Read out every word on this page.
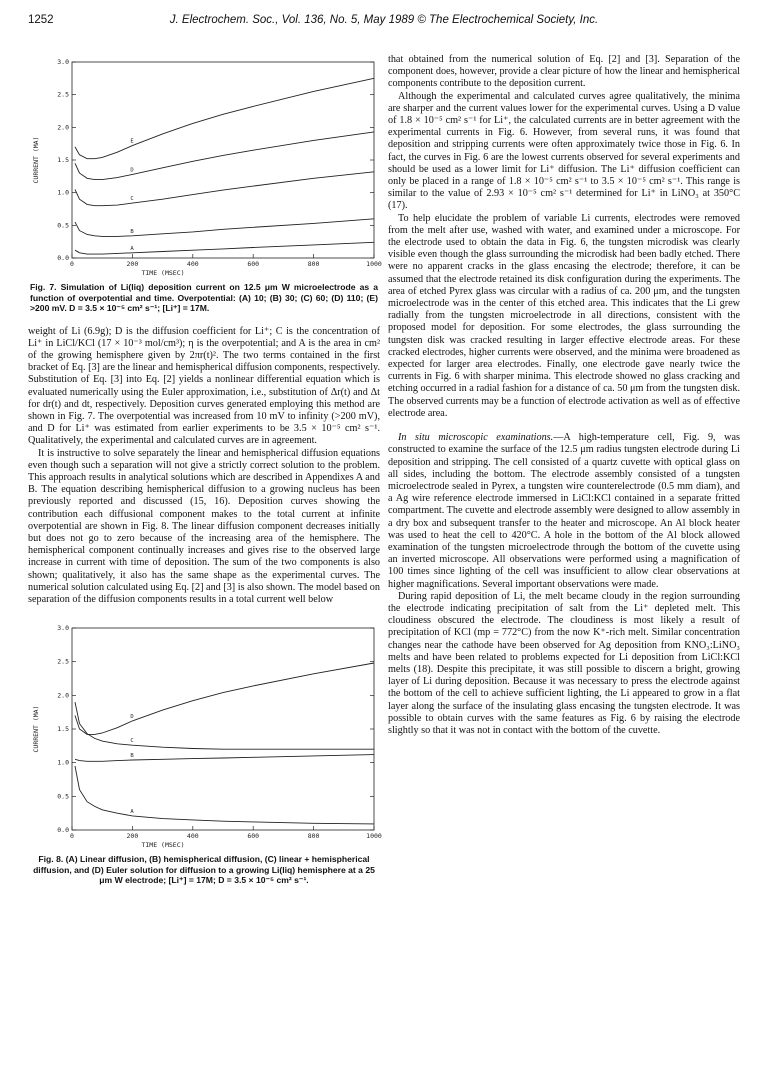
1252	J. Electrochem. Soc., Vol. 136, No. 5, May 1989 © The Electrochemical Society, Inc.
0.0
0.5
1.0
1.5
2.0
2.5
3.0
0	200	400	600	800	1000
TIME (MSEC)
CURRENT (MA)
A
B
C
D
E
Fig. 7. Simulation of Li(liq) deposition current on 12.5 μm W microelectrode as a function of overpotential and time. Overpotential: (A) 10; (B) 30; (C) 60; (D) 110; (E) >200 mV. D = 3.5 × 10⁻⁵ cm² s⁻¹; [Li⁺] = 17M.

weight of Li (6.9g); D is the diffusion coefficient for Li⁺; C is the concentration of Li⁺ in LiCl/KCl (17 × 10⁻³ mol/cm³); η is the overpotential; and A is the area in cm² of the growing hemisphere given by 2πr(t)². The two terms contained in the first bracket of Eq. [3] are the linear and hemispherical diffusion components, respectively. Substitution of Eq. [3] into Eq. [2] yields a nonlinear differential equation which is evaluated numerically using the Euler approximation, i.e., substitution of Δr(t) and Δt for dr(t) and dt, respectively. Deposition curves generated employing this method are shown in Fig. 7. The overpotential was increased from 10 mV to infinity (>200 mV), and D for Li⁺ was estimated from earlier experiments to be 3.5 × 10⁻⁵ cm² s⁻¹. Qualitatively, the experimental and calculated curves are in agreement.

It is instructive to solve separately the linear and hemispherical diffusion equations even though such a separation will not give a strictly correct solution to the problem. This approach results in analytical solutions which are described in Appendixes A and B. The equation describing hemispherical diffusion to a growing nucleus has been previously reported and discussed (15, 16). Deposition curves showing the contribution each diffusional component makes to the total current at infinite overpotential are shown in Fig. 8. The linear diffusion component decreases initially but does not go to zero because of the increasing area of the hemisphere. The hemispherical component continually increases and gives rise to the observed large increase in current with time of deposition. The sum of the two components is also shown; qualitatively, it also has the same shape as the experimental curves. The numerical solution calculated using Eq. [2] and [3] is also shown. The model based on separation of the diffusion components results in a total current well below

0.0
0.5
1.0
1.5
2.0
2.5
3.0
0	200	400	600	800	1000
TIME (MSEC)
CURRENT (MA)
A
B
C
D
Fig. 8. (A) Linear diffusion, (B) hemispherical diffusion, (C) linear + hemispherical diffusion, and (D) Euler solution for diffusion to a growing Li(liq) hemisphere at a 25 μm W electrode; [Li⁺] = 17M; D = 3.5 × 10⁻⁵ cm² s⁻¹.

that obtained from the numerical solution of Eq. [2] and [3]. Separation of the component does, however, provide a clear picture of how the linear and hemispherical components contribute to the deposition current.

Although the experimental and calculated curves agree qualitatively, the minima are sharper and the current values lower for the experimental curves. Using a D value of 1.8 × 10⁻⁵ cm² s⁻¹ for Li⁺, the calculated currents are in better agreement with the experimental currents in Fig. 6. However, from several runs, it was found that deposition and stripping currents were often approximately twice those in Fig. 6. In fact, the curves in Fig. 6 are the lowest currents observed for several experiments and should be used as a lower limit for Li⁺ diffusion. The Li⁺ diffusion coefficient can only be placed in a range of 1.8 × 10⁻⁵ cm² s⁻¹ to 3.5 × 10⁻⁵ cm² s⁻¹. This range is similar to the value of 2.93 × 10⁻⁵ cm² s⁻¹ determined for Li⁺ in LiNO₃ at 350°C (17).

To help elucidate the problem of variable Li currents, electrodes were removed from the melt after use, washed with water, and examined under a microscope. For the electrode used to obtain the data in Fig. 6, the tungsten microdisk was clearly visible even though the glass surrounding the microdisk had been badly etched. There were no apparent cracks in the glass encasing the electrode; therefore, it can be assumed that the electrode retained its disk configuration during the experiments. The area of etched Pyrex glass was circular with a radius of ca. 200 μm, and the tungsten microelectrode was in the center of this etched area. This indicates that the Li grew radially from the tungsten microelectrode in all directions, consistent with the proposed model for deposition. For some electrodes, the glass surrounding the tungsten disk was cracked resulting in larger effective electrode areas. For these cracked electrodes, higher currents were observed, and the minima were broadened as expected for larger area electrodes. Finally, one electrode gave nearly twice the currents in Fig. 6 with sharper minima. This electrode showed no glass cracking and etching occurred in a radial fashion for a distance of ca. 50 μm from the tungsten disk. The observed currents may be a function of electrode activation as well as of effective electrode area.

In situ microscopic examinations.—A high-temperature cell, Fig. 9, was constructed to examine the surface of the 12.5 μm radius tungsten electrode during Li deposition and stripping. The cell consisted of a quartz cuvette with optical glass on all sides, including the bottom. The electrode assembly consisted of a tungsten microelectrode sealed in Pyrex, a tungsten wire counterelectrode (0.5 mm diam), and a Ag wire reference electrode immersed in LiCl:KCl contained in a separate fritted compartment. The cuvette and electrode assembly were designed to allow assembly in a dry box and subsequent transfer to the heater and microscope. An Al block heater was used to heat the cell to 420°C. A hole in the bottom of the Al block allowed examination of the tungsten microelectrode through the bottom of the cuvette using an inverted microscope. All observations were performed using a magnification of 100 times since lighting of the cell was insufficient to allow clear observations at higher magnifications. Several important observations were made.

During rapid deposition of Li, the melt became cloudy in the region surrounding the electrode indicating precipitation of salt from the Li⁺ depleted melt. This cloudiness obscured the electrode. The cloudiness is most likely a result of precipitation of KCl (mp = 772°C) from the now K⁺-rich melt. Similar concentration changes near the cathode have been observed for Ag deposition from KNO₃:LiNO₃ melts and have been related to problems expected for Li deposition from LiCl:KCl melts (18). Despite this precipitate, it was still possible to discern a bright, growing layer of Li during deposition. Because it was necessary to press the electrode against the bottom of the cell to achieve sufficient lighting, the Li appeared to grow in a flat layer along the surface of the insulating glass encasing the tungsten electrode. It was possible to obtain curves with the same features as Fig. 6 by raising the electrode slightly so that it was not in contact with the bottom of the cuvette.
